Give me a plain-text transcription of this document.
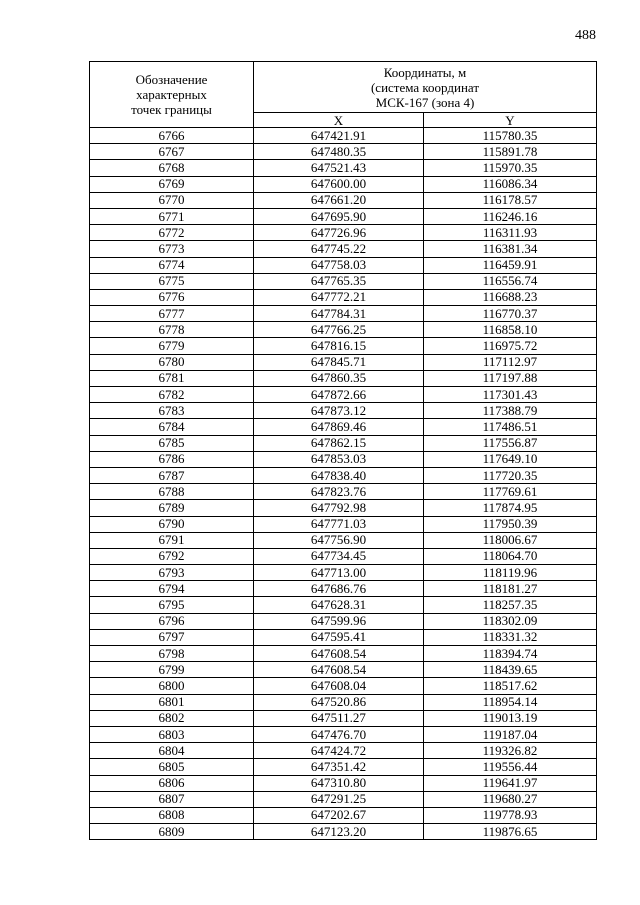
488
Обозначение
характерных
точек границы	Координаты, м
(система координат
МСК-167 (зона 4)	

	X	Y
6766	647421.91	115780.35
6767	647480.35	115891.78
6768	647521.43	115970.35
6769	647600.00	116086.34
6770	647661.20	116178.57
6771	647695.90	116246.16
6772	647726.96	116311.93
6773	647745.22	116381.34
6774	647758.03	116459.91
6775	647765.35	116556.74
6776	647772.21	116688.23
6777	647784.31	116770.37
6778	647766.25	116858.10
6779	647816.15	116975.72
6780	647845.71	117112.97
6781	647860.35	117197.88
6782	647872.66	117301.43
6783	647873.12	117388.79
6784	647869.46	117486.51
6785	647862.15	117556.87
6786	647853.03	117649.10
6787	647838.40	117720.35
6788	647823.76	117769.61
6789	647792.98	117874.95
6790	647771.03	117950.39
6791	647756.90	118006.67
6792	647734.45	118064.70
6793	647713.00	118119.96
6794	647686.76	118181.27
6795	647628.31	118257.35
6796	647599.96	118302.09
6797	647595.41	118331.32
6798	647608.54	118394.74
6799	647608.54	118439.65
6800	647608.04	118517.62
6801	647520.86	118954.14
6802	647511.27	119013.19
6803	647476.70	119187.04
6804	647424.72	119326.82
6805	647351.42	119556.44
6806	647310.80	119641.97
6807	647291.25	119680.27
6808	647202.67	119778.93
6809	647123.20	119876.65
